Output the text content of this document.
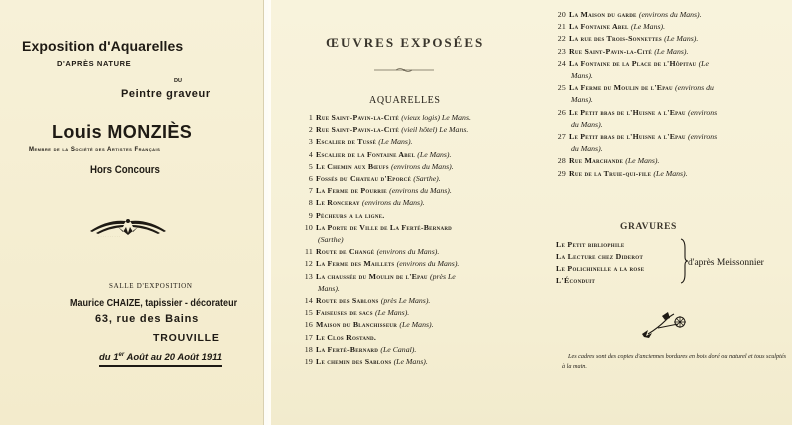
Exposition d'Aquarelles
D'APRÈS NATURE
DU
Peintre graveur
Louis MONZIÈS
Membre de la Société des Artistes Français
Hors Concours
· · · · · · · · · ·
SALLE D'EXPOSITION
Maurice CHAIZE, tapissier - décorateur
63, rue des Bains
TROUVILLE
du 1er Août au 20 Août 1911
ŒUVRES EXPOSÉES
AQUARELLES
1 Rue Saint-Pavin-la-Cité (vieux logis) Le Mans.
2 Rue Saint-Pavin-la-Cité (vieil hôtel) Le Mans.
3 Escalier de Tussé (Le Mans).
4 Escalier de la Fontaine Abel (Le Mans).
5 Le Chemin aux Bœufs (environs du Mans).
6 Fossés du Chateau d'Eporcé (Sarthe).
7 La Ferme de Pourrie (environs du Mans).
8 Le Ronceray (environs du Mans).
9 Pécheurs a la ligne.
10 La Porte de Ville de La Ferté-Bernard
(Sarthe)
11 Route de Changé (environs du Mans).
12 La Ferme des Maillets (environs du Mans).
13 La chaussée du Moulin de l'Epau (près Le
Mans).
14 Route des Sablons (près Le Mans).
15 Faiseuses de sacs (Le Mans).
16 Maison du Blanchisseur (Le Mans).
17 Le Clos Rostand.
18 La Ferté-Bernard (Le Canal).
19 Le chemin des Sablons (Le Mans).
20 La Maison du garde (environs du Mans).
21 La Fontaine Abel (Le Mans).
22 La rue des Trois-Sonnettes (Le Mans).
23 Rue Saint-Pavin-la-Cité (Le Mans).
24 La Fontaine de la Place de l'Hôpitau (Le
Mans).
25 La Ferme du Moulin de l'Epau (environs du
Mans).
26 Le Petit bras de l'Huisne a l'Epau (environs
du Mans).
27 Le Petit bras de l'Huisne a l'Epau (environs
du Mans).
28 Rue Marchande (Le Mans).
29 Rue de la Truie-qui-file (Le Mans).
GRAVURES
Le Petit bibliophile
La Lecture chez Diderot
Le Polichinelle a la rose
L'Éconduit
d'après Meissonnier
Les cadres sont des copies d'anciennes bordures en bois doré ou naturel et tous sculptés à la main.
